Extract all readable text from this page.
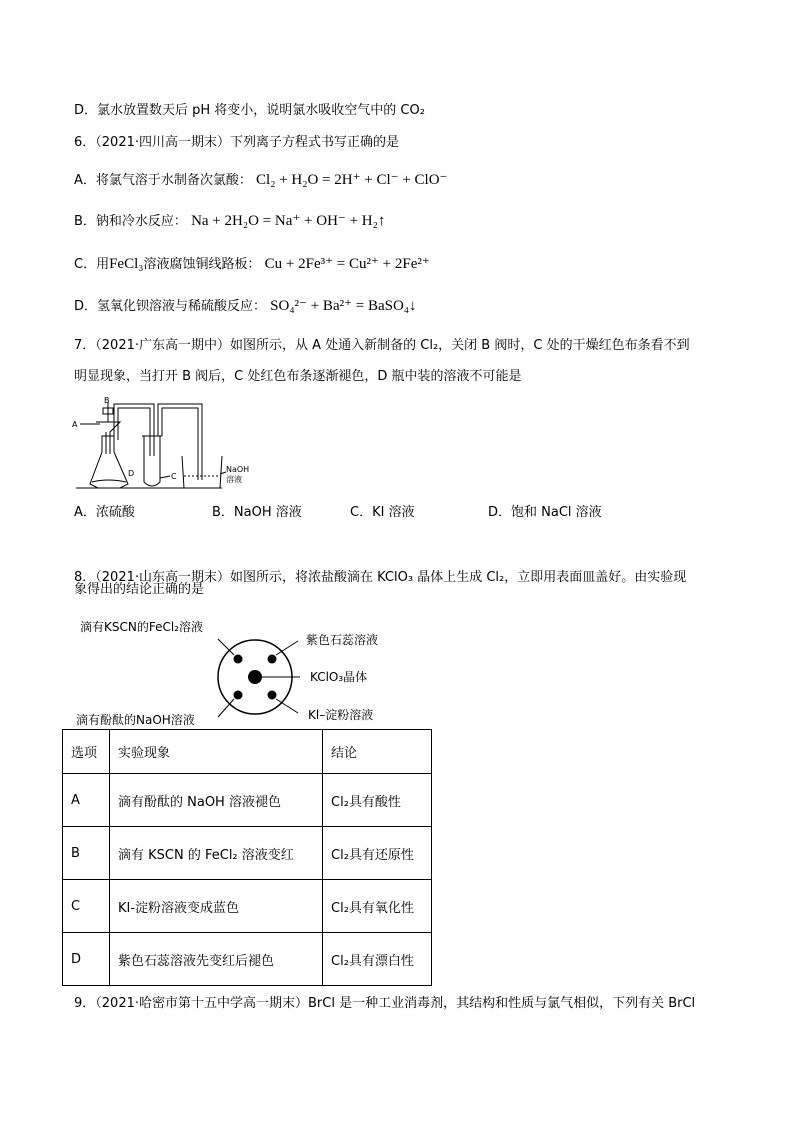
D．氯水放置数天后 pH 将变小，说明氯水吸收空气中的 CO₂
6．（2021·四川高一期末）下列离子方程式书写正确的是
A．将氯气溶于水制备次氯酸： Cl₂ + H₂O = 2H⁺ + Cl⁻ + ClO⁻
B．钠和冷水反应： Na + 2H₂O = Na⁺ + OH⁻ + H₂↑
C．用FeCl₃溶液腐蚀铜线路板： Cu + 2Fe³⁺ = Cu²⁺ + 2Fe²⁺
D．氢氧化钡溶液与稀硫酸反应： SO₄²⁻ + Ba²⁺ = BaSO₄↓
7．（2021·广东高一期中）如图所示，从 A 处通入新制备的 Cl₂，关闭 B 阀时，C 处的干燥红色布条看不到
明显现象，当打开 B 阀后，C 处红色布条逐渐褪色，D 瓶中装的溶液不可能是
A
B
C
D	NaOH
溶液
A．浓硫酸	B．NaOH 溶液	C．KI 溶液	D．饱和 NaCl 溶液
8．（2021·山东高一期末）如图所示，将浓盐酸滴在 KClO₃ 晶体上生成 Cl₂，立即用表面皿盖好。由实验现
象得出的结论正确的是
滴有KSCN的FeCl₂溶液
紫色石蕊溶液
KClO₃晶体
滴有酚酞的NaOH溶液	Kl–淀粉溶液
选项	实验现象	结论
A	滴有酚酞的 NaOH 溶液褪色	Cl₂具有酸性
B	滴有 KSCN 的 FeCl₂ 溶液变红	Cl₂具有还原性
C	KI-淀粉溶液变成蓝色	Cl₂具有氧化性
D	紫色石蕊溶液先变红后褪色	Cl₂具有漂白性
9．（2021·哈密市第十五中学高一期末）BrCl 是一种工业消毒剂，其结构和性质与氯气相似，下列有关 BrCl
